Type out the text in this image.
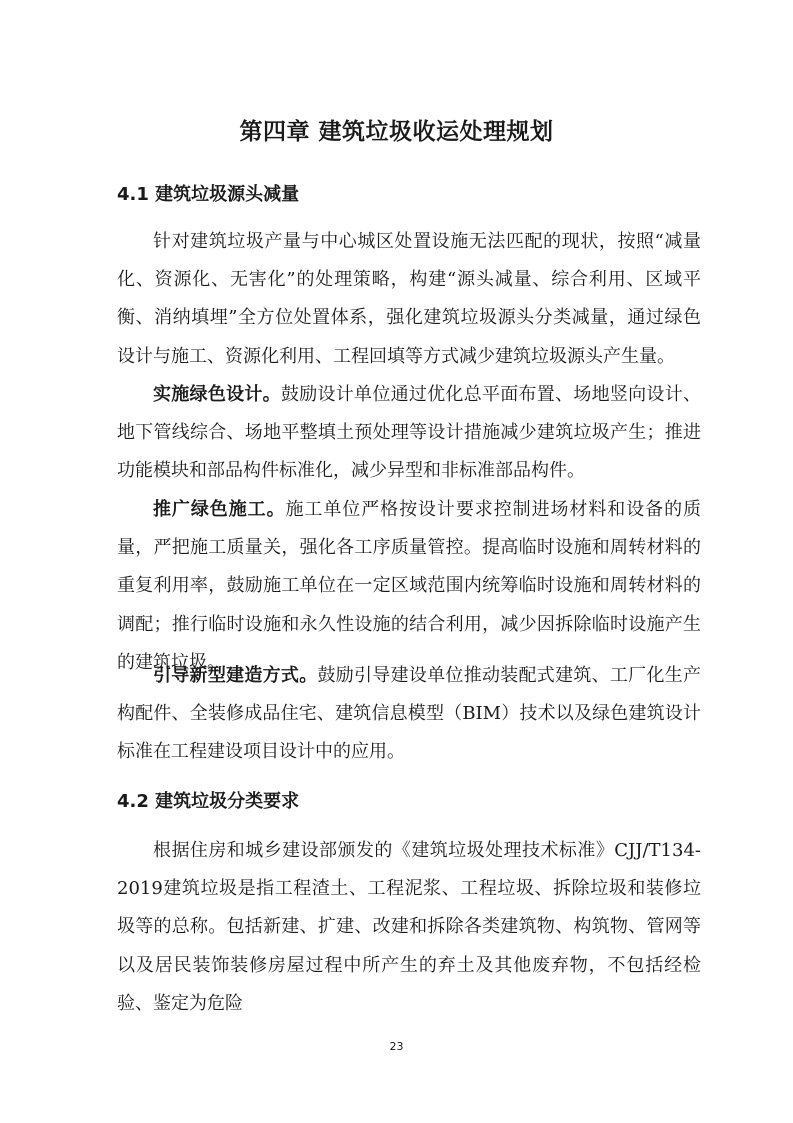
第四章 建筑垃圾收运处理规划
4.1 建筑垃圾源头减量

针对建筑垃圾产量与中心城区处置设施无法匹配的现状，按照“减量化、资源化、无害化”的处理策略，构建“源头减量、综合利用、区域平衡、消纳填埋”全方位处置体系，强化建筑垃圾源头分类减量，通过绿色设计与施工、资源化利用、工程回填等方式减少建筑垃圾源头产生量。

实施绿色设计。鼓励设计单位通过优化总平面布置、场地竖向设计、地下管线综合、场地平整填土预处理等设计措施减少建筑垃圾产生；推进功能模块和部品构件标准化，减少异型和非标准部品构件。

推广绿色施工。施工单位严格按设计要求控制进场材料和设备的质量，严把施工质量关，强化各工序质量管控。提高临时设施和周转材料的重复利用率，鼓励施工单位在一定区域范围内统筹临时设施和周转材料的调配；推行临时设施和永久性设施的结合利用，减少因拆除临时设施产生的建筑垃圾。

引导新型建造方式。鼓励引导建设单位推动装配式建筑、工厂化生产构配件、全装修成品住宅、建筑信息模型（BIM）技术以及绿色建筑设计标准在工程建设项目设计中的应用。

4.2 建筑垃圾分类要求

根据住房和城乡建设部颁发的《建筑垃圾处理技术标准》CJJ/T134-2019建筑垃圾是指工程渣土、工程泥浆、工程垃圾、拆除垃圾和装修垃圾等的总称。包括新建、扩建、改建和拆除各类建筑物、构筑物、管网等以及居民装饰装修房屋过程中所产生的弃土及其他废弃物，不包括经检验、鉴定为危险

23
